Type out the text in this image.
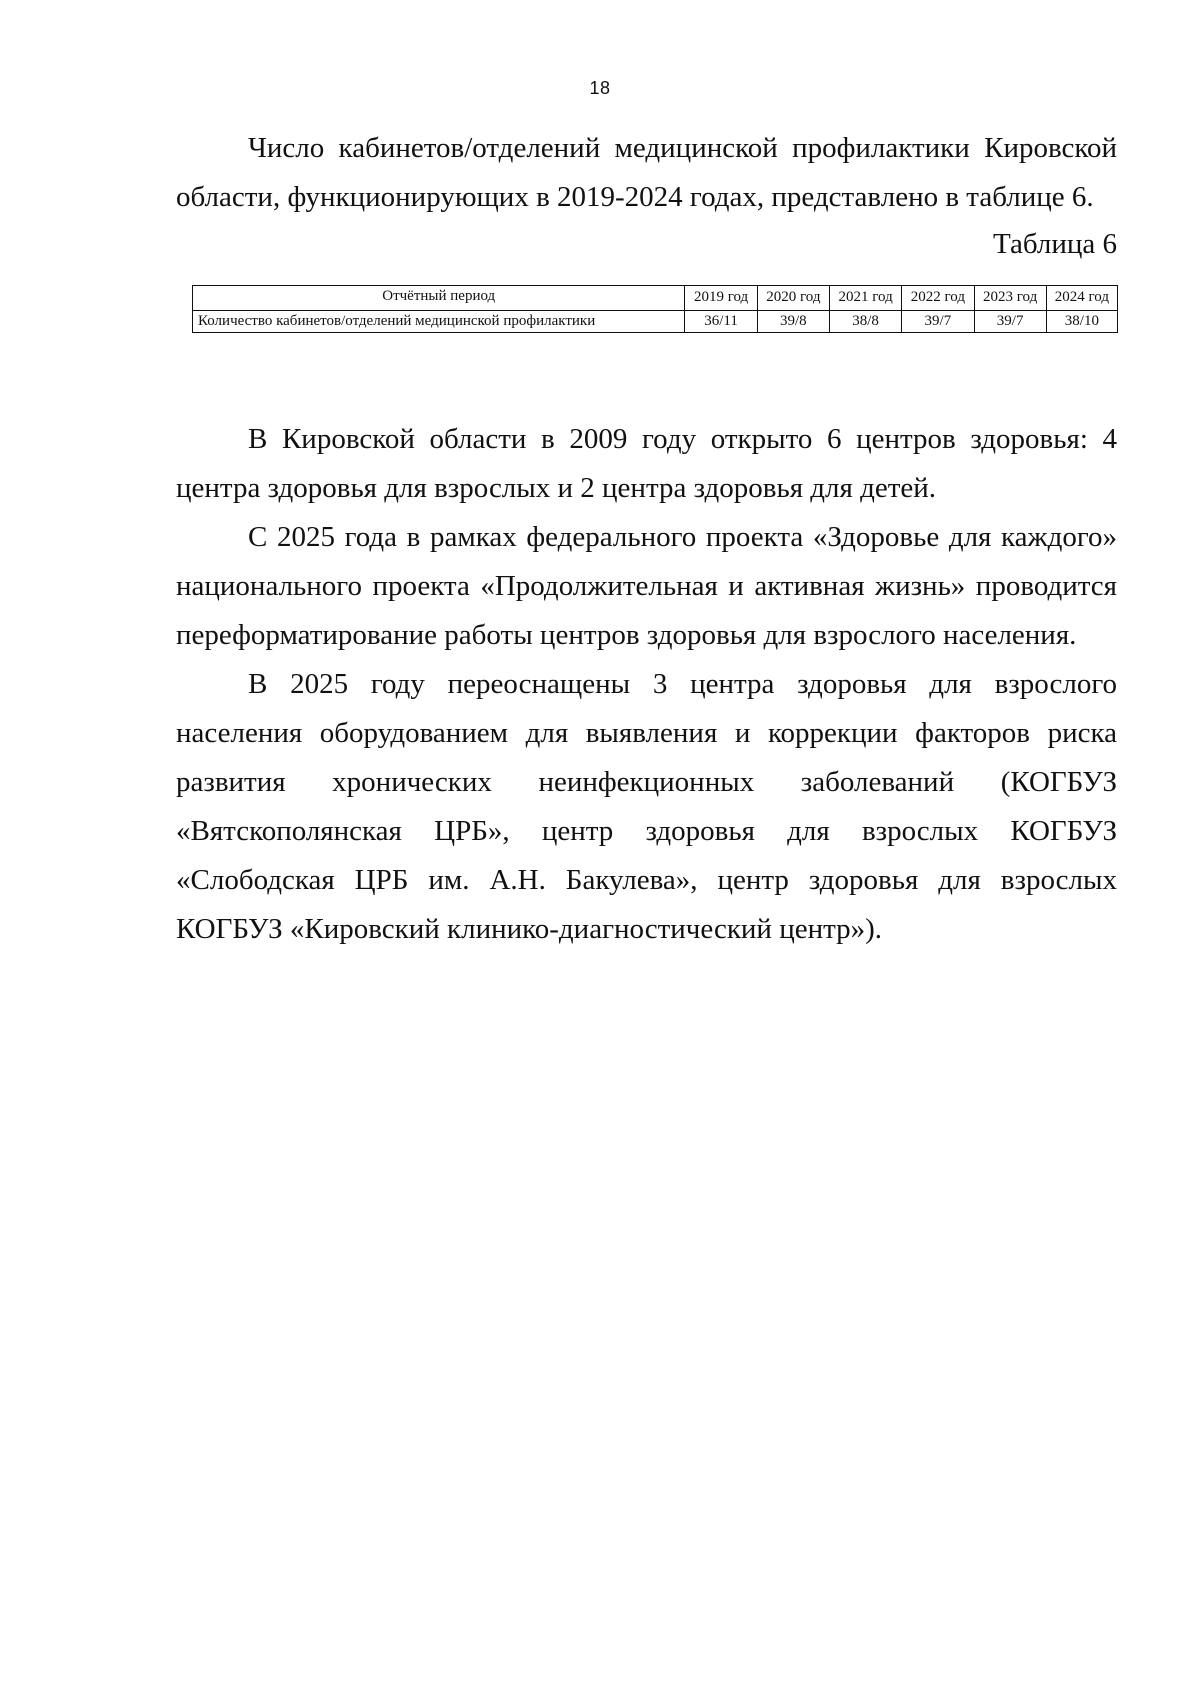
18

Число кабинетов/отделений медицинской профилактики Кировской области, функционирующих в 2019-2024 годах, представлено в таблице 6.

Таблица 6
Отчётный период	2019 год	2020 год	2021 год	2022 год	2023 год	2024 год
Количество кабинетов/отделений медицинской профилактики	36/11	39/8	38/8	39/7	39/7	38/10

В Кировской области в 2009 году открыто 6 центров здоровья: 4 центра здоровья для взрослых и 2 центра здоровья для детей.

С 2025 года в рамках федерального проекта «Здоровье для каждого» национального проекта «Продолжительная и активная жизнь» проводится переформатирование работы центров здоровья для взрослого населения.

В 2025 году переоснащены 3 центра здоровья для взрослого населения оборудованием для выявления и коррекции факторов риска развития хронических неинфекционных заболеваний (КОГБУЗ «Вятскополянская ЦРБ», центр здоровья для взрослых КОГБУЗ «Слободская ЦРБ им. А.Н. Бакулева», центр здоровья для взрослых КОГБУЗ «Кировский клинико-диагностический центр»).
